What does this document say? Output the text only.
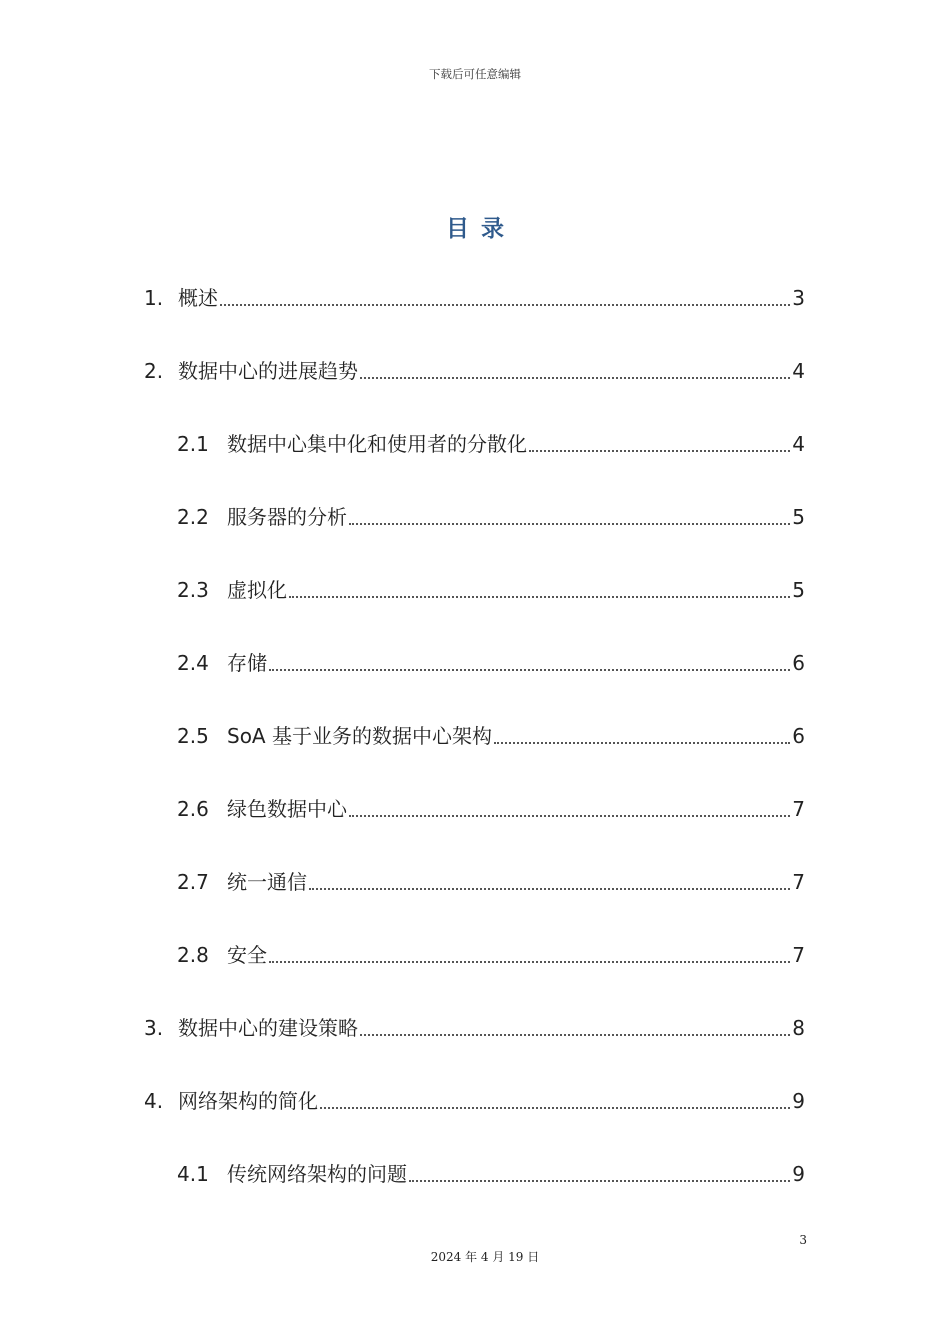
下载后可任意编辑
目录
1. 概述	3
2. 数据中心的进展趋势	4
2.1 数据中心集中化和使用者的分散化	4
2.2 服务器的分析	5
2.3 虚拟化	5
2.4 存储	6
2.5 SoA 基于业务的数据中心架构	6
2.6 绿色数据中心	7
2.7 统一通信	7
2.8 安全	7
3. 数据中心的建设策略	8
4. 网络架构的简化	9
4.1 传统网络架构的问题	9
3
2024 年 4 月 19 日
